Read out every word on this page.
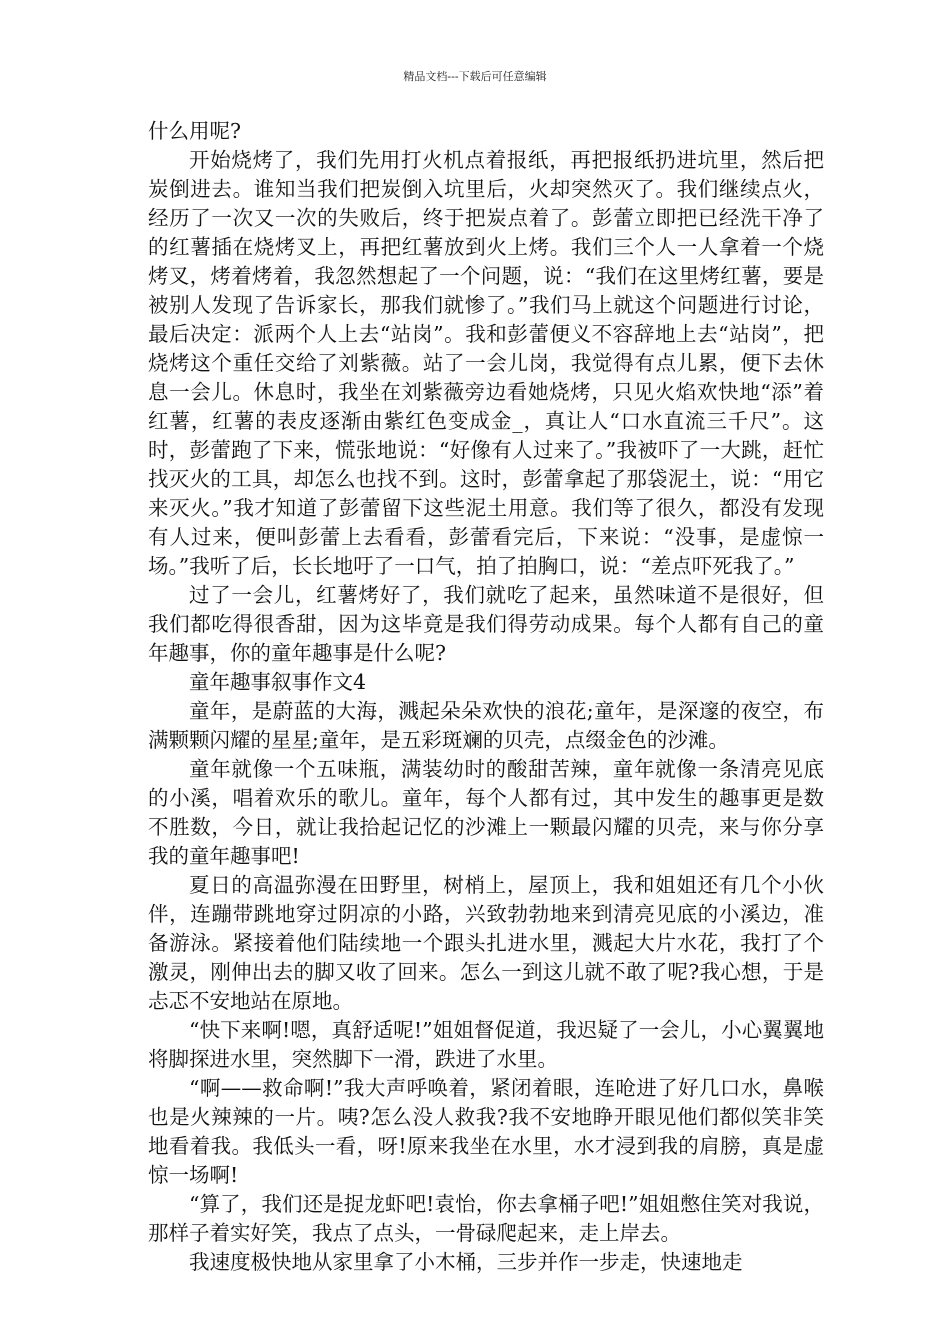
精品文档---下载后可任意编辑

什么用呢?

开始烧烤了，我们先用打火机点着报纸，再把报纸扔进坑里，然后把炭倒进去。谁知当我们把炭倒入坑里后，火却突然灭了。我们继续点火，经历了一次又一次的失败后，终于把炭点着了。彭蕾立即把已经洗干净了的红薯插在烧烤叉上，再把红薯放到火上烤。我们三个人一人拿着一个烧烤叉，烤着烤着，我忽然想起了一个问题，说：“我们在这里烤红薯，要是被别人发现了告诉家长，那我们就惨了。”我们马上就这个问题进行讨论，最后决定：派两个人上去“站岗”。我和彭蕾便义不容辞地上去“站岗”，把烧烤这个重任交给了刘紫薇。站了一会儿岗，我觉得有点儿累，便下去休息一会儿。休息时，我坐在刘紫薇旁边看她烧烤，只见火焰欢快地“添”着红薯，红薯的表皮逐渐由紫红色变成金_，真让人“口水直流三千尺”。这时，彭蕾跑了下来，慌张地说：“好像有人过来了。”我被吓了一大跳，赶忙找灭火的工具，却怎么也找不到。这时，彭蕾拿起了那袋泥土，说：“用它来灭火。”我才知道了彭蕾留下这些泥土用意。我们等了很久，都没有发现有人过来，便叫彭蕾上去看看，彭蕾看完后，下来说：“没事，是虚惊一场。”我听了后，长长地吁了一口气，拍了拍胸口，说：“差点吓死我了。”

过了一会儿，红薯烤好了，我们就吃了起来，虽然味道不是很好，但我们都吃得很香甜，因为这毕竟是我们得劳动成果。每个人都有自己的童年趣事，你的童年趣事是什么呢?

童年趣事叙事作文4

童年，是蔚蓝的大海，溅起朵朵欢快的浪花;童年，是深邃的夜空，布满颗颗闪耀的星星;童年，是五彩斑斓的贝壳，点缀金色的沙滩。

童年就像一个五味瓶，满装幼时的酸甜苦辣，童年就像一条清亮见底的小溪，唱着欢乐的歌儿。童年，每个人都有过，其中发生的趣事更是数不胜数，今日，就让我拾起记忆的沙滩上一颗最闪耀的贝壳，来与你分享我的童年趣事吧!

夏日的高温弥漫在田野里，树梢上，屋顶上，我和姐姐还有几个小伙伴，连蹦带跳地穿过阴凉的小路，兴致勃勃地来到清亮见底的小溪边，准备游泳。紧接着他们陆续地一个跟头扎进水里，溅起大片水花，我打了个激灵，刚伸出去的脚又收了回来。怎么一到这儿就不敢了呢?我心想，于是忐忑不安地站在原地。

“快下来啊!嗯，真舒适呢!”姐姐督促道，我迟疑了一会儿，小心翼翼地将脚探进水里，突然脚下一滑，跌进了水里。

“啊——救命啊!”我大声呼唤着，紧闭着眼，连呛进了好几口水，鼻喉也是火辣辣的一片。咦?怎么没人救我?我不安地睁开眼见他们都似笑非笑地看着我。我低头一看，呀!原来我坐在水里，水才浸到我的肩膀，真是虚惊一场啊!

“算了，我们还是捉龙虾吧!袁怡，你去拿桶子吧!”姐姐憋住笑对我说，那样子着实好笑，我点了点头，一骨碌爬起来，走上岸去。

我速度极快地从家里拿了小木桶，三步并作一步走，快速地走
